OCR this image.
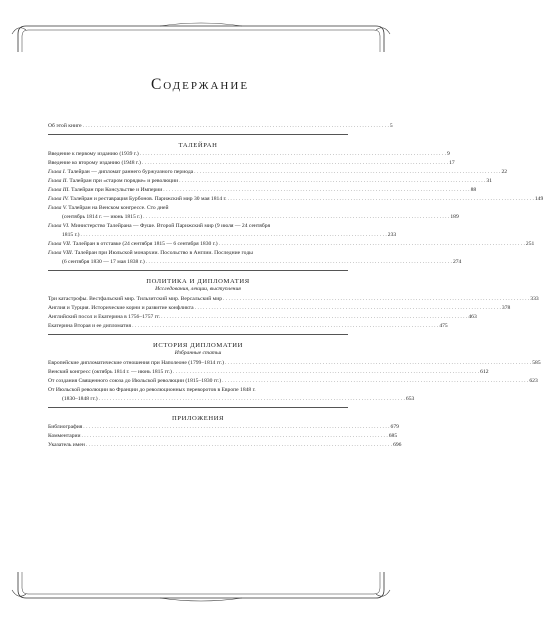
Содержание
Об этой книге . . .	5
ТАЛЕЙРАН
Введение к первому изданию (1939 г.) . . .	9
Введение ко второму изданию (1948 г.) . . .	17
Глава I. Талейран — дипломат раннего буржуазного периода . . .	22
Глава II. Талейран при «старом порядке» и революции . . .	31
Глава III. Талейран при Консульстве и Империи . . .	88
Глава IV. Талейран и реставрация Бурбонов. Парижский мир 30 мая 1814 г. . . .	149
Глава V.
Талейран на Венском конгрессе. Сто дней
(сентябрь 1814 г. — июнь 1815 г.) . . .	189
Глава VI.
Министерство Талейрана — Фуше. Второй Парижский мир (9 июля — 24 сентября
1815 г.) . . .	233
Глава VII. Талейран в отставке (24 сентября 1815 — 6 сентября 1830 г.) . . .	251
Глава VIII.
Талейран при Июльской монархии. Посольство в Англии. Последние годы
(6 сентября 1830 — 17 мая 1838 г.) . . .	274
ПОЛИТИКА И ДИПЛОМАТИЯ
Исследования, лекции, выступления
Три катастрофы. Вестфальский мир. Тильзитский мир. Версальский мир . . .	333
Англия и Турция. Исторические корни и развитие конфликта . . .	378
Английский посол и Екатерина в 1756–1757 гг. . . .	463
Екатерина Вторая и ее дипломатия . . .	475
ИСТОРИЯ ДИПЛОМАТИИ
Избранные статьи
Европейские дипломатические отношения при Наполеоне (1799–1814 гг.) . . .	585
Венский конгресс (октябрь 1814 г. — июнь 1815 гг.) . . .	612
От создания Священного союза до Июльской революции (1815–1830 гг.) . . .	623
От Июльской революции во Франции до революционных переворотов в Европе 1848 г.
(1830–1848 гг.) . . .	653
ПРИЛОЖЕНИЯ
Библиография . . .	679
Комментарии . . .	685
Указатель имен . . .	696
